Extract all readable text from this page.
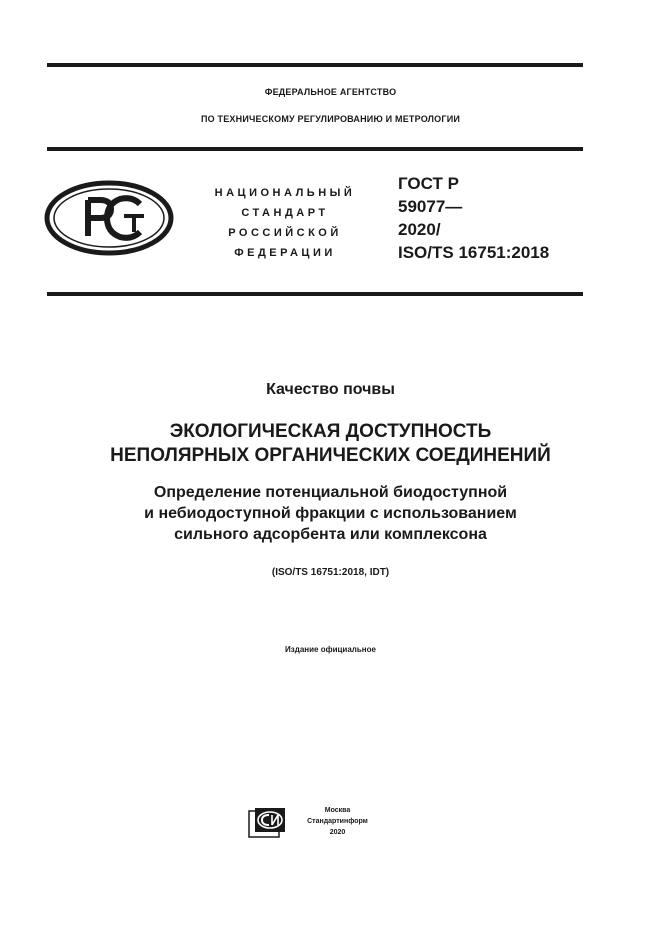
ФЕДЕРАЛЬНОЕ АГЕНТСТВО
ПО ТЕХНИЧЕСКОМУ РЕГУЛИРОВАНИЮ И МЕТРОЛОГИИ
НАЦИОНАЛЬНЫЙ
СТАНДАРТ
РОССИЙСКОЙ
ФЕДЕРАЦИИ
ГОСТ Р
59077—
2020/
ISO/TS 16751:2018
Качество почвы
ЭКОЛОГИЧЕСКАЯ ДОСТУПНОСТЬ
НЕПОЛЯРНЫХ ОРГАНИЧЕСКИХ СОЕДИНЕНИЙ
Определение потенциальной биодоступной
и небиодоступной фракции с использованием
сильного адсорбента или комплексона
(ISO/TS 16751:2018, IDT)
Издание официальное
Москва
Стандартинформ
2020
